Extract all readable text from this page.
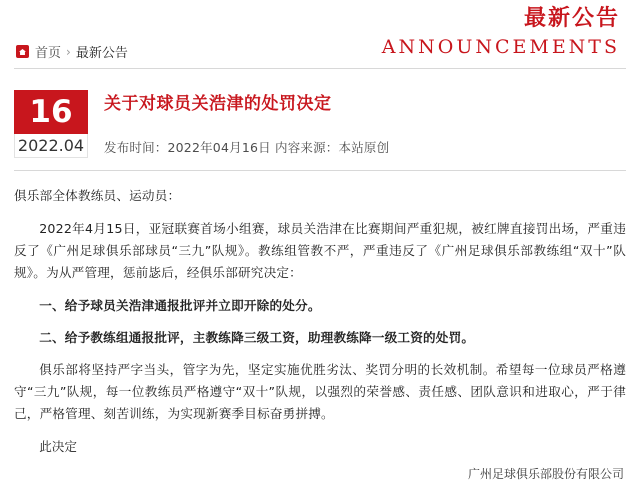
最新公告
ANNOUNCEMENTS
首页 › 最新公告
16
2022.04
关于对球员关浩津的处罚决定
发布时间：2022年04月16日 内容来源：本站原创

俱乐部全体教练员、运动员：

2022年4月15日，亚冠联赛首场小组赛，球员关浩津在比赛期间严重犯规，被红牌直接罚出场，严重违反了《广州足球俱乐部球员“三九”队规》。教练组管教不严，严重违反了《广州足球俱乐部教练组“双十”队规》。为从严管理，惩前毖后，经俱乐部研究决定：

一、给予球员关浩津通报批评并立即开除的处分。

二、给予教练组通报批评，主教练降三级工资，助理教练降一级工资的处罚。

俱乐部将坚持严字当头，管字为先，坚定实施优胜劣汰、奖罚分明的长效机制。希望每一位球员严格遵守“三九”队规，每一位教练员严格遵守“双十”队规，以强烈的荣誉感、责任感、团队意识和进取心，严于律己，严格管理、刻苦训练，为实现新赛季目标奋勇拼搏。

此决定
广州足球俱乐部股份有限公司
